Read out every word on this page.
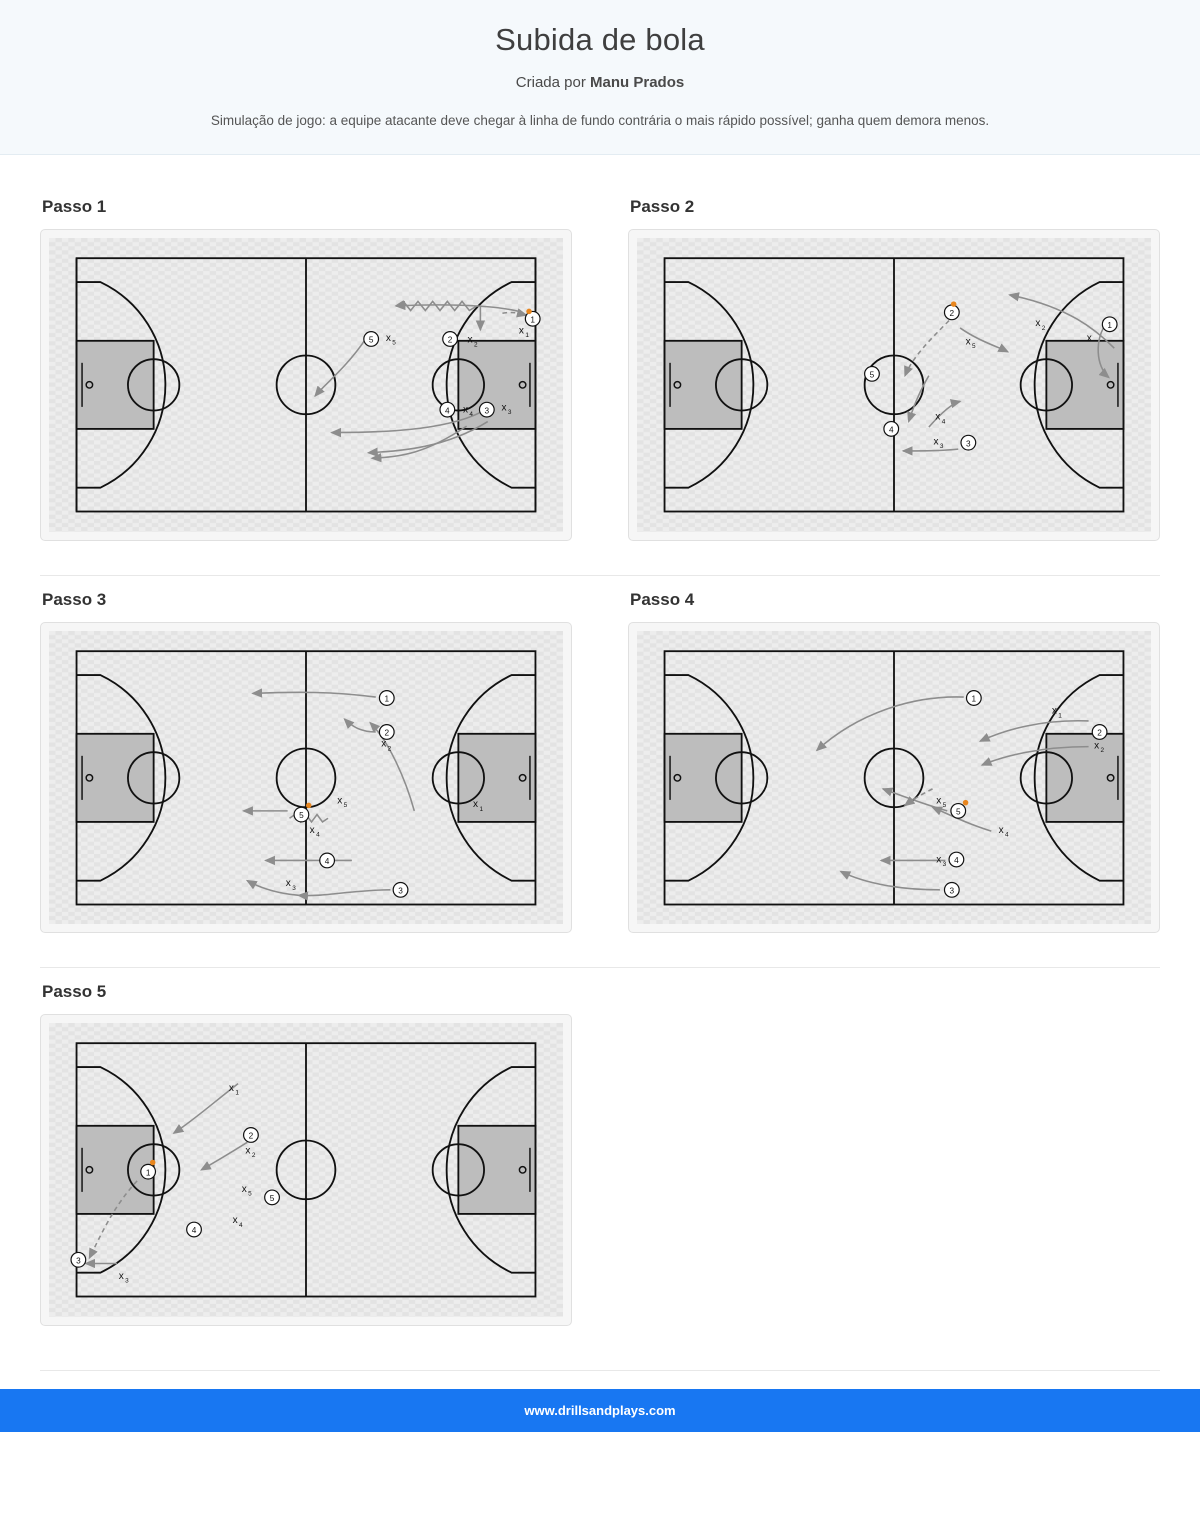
Subida de bola
Criada por Manu Prados

Simulação de jogo: a equipe atacante deve chegar à linha de fundo contrária o mais rápido possível; ganha quem demora menos.

Passo 1
1
2
5
4	3
x 1
x 2
x 5
x 4
x 3
Passo 2
1
2
5
4
3
x
x 2
x 5
x 4
x 3
Passo 3
1
2
5
4
3
x 1
x 2
x 5
x 4
x 3
Passo 4
1
2
5
4
3
x 1
x 2
x 5
x 4
x 3
Passo 5
1
2
5
4
3
x 1
x 2
x 5
x 4
x 3
www.drillsandplays.com
